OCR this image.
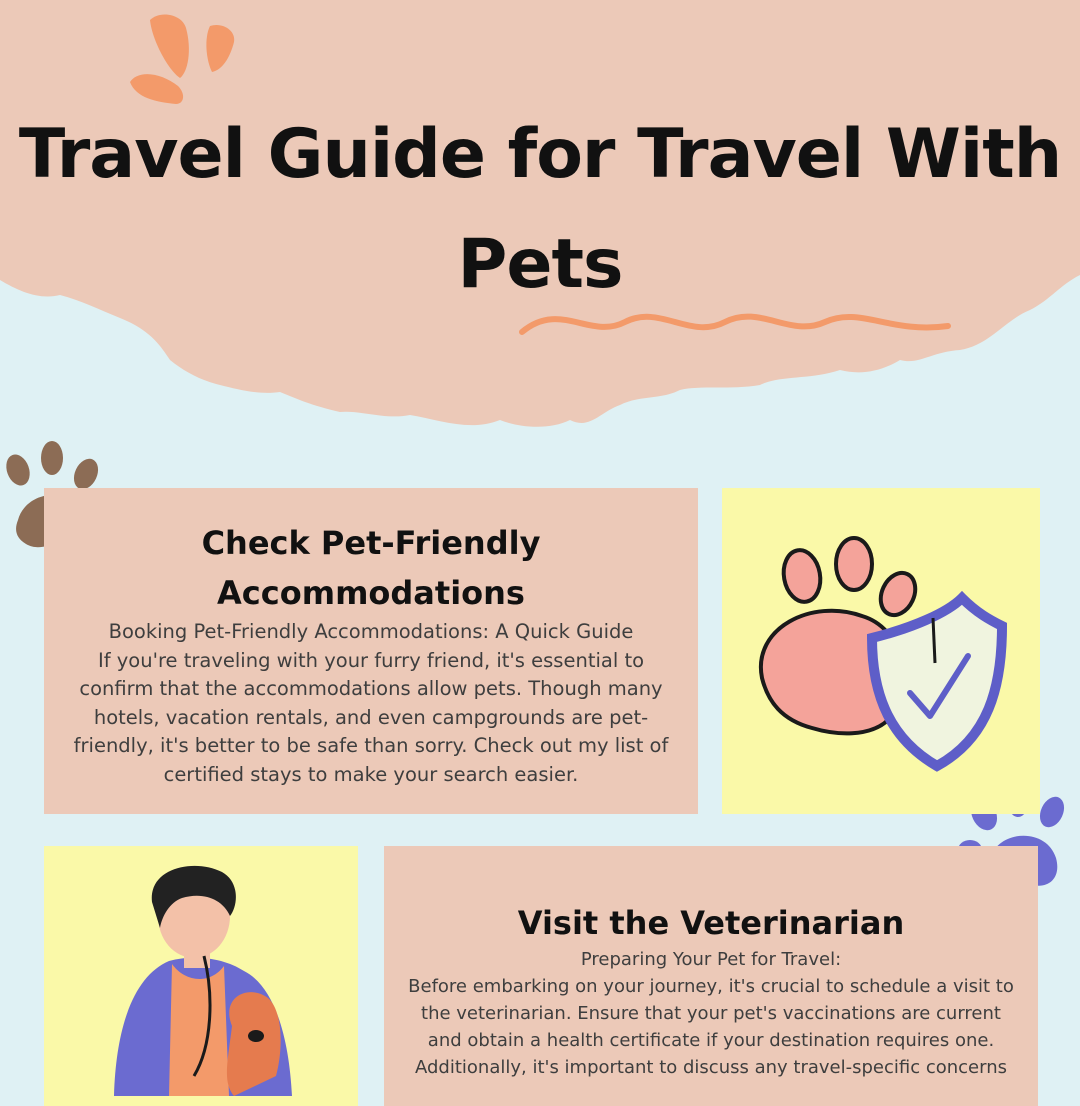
Travel Guide for Travel With Pets
Check Pet-Friendly Accommodations

Booking Pet-Friendly Accommodations: A Quick Guide
If you're traveling with your furry friend, it's essential to confirm that the accommodations allow pets. Though many hotels, vacation rentals, and even campgrounds are pet-friendly, it's better to be safe than sorry. Check out my list of certified stays to make your search easier.

Visit the Veterinarian

Preparing Your Pet for Travel:
Before embarking on your journey, it's crucial to schedule a visit to the veterinarian. Ensure that your pet's vaccinations are current and obtain a health certificate if your destination requires one. Additionally, it's important to discuss any travel-specific concerns
